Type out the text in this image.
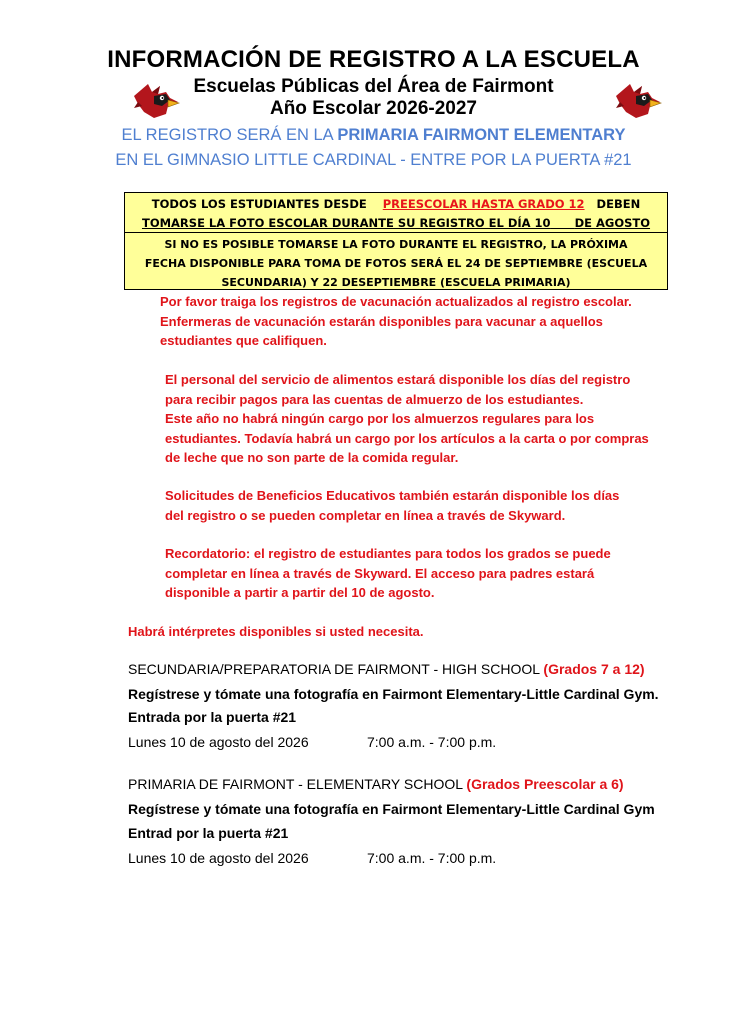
INFORMACIÓN DE REGISTRO A LA ESCUELA
Escuelas Públicas del Área de Fairmont
Año Escolar 2026-2027
EL REGISTRO SERÁ EN LA PRIMARIA FAIRMONT ELEMENTARY
EN EL GIMNASIO LITTLE CARDINAL - ENTRE POR LA PUERTA #21
TODOS LOS ESTUDIANTES DESDE PREESCOLAR HASTA GRADO 12 DEBEN
TOMARSE LA FOTO ESCOLAR DURANTE SU REGISTRO EL DÍA 10 DE AGOSTO
SI NO ES POSIBLE TOMARSE LA FOTO DURANTE EL REGISTRO, LA PRÓXIMA
FECHA DISPONIBLE PARA TOMA DE FOTOS SERÁ EL 24 DE SEPTIEMBRE (ESCUELA
SECUNDARIA) Y 22 DESEPTIEMBRE (ESCUELA PRIMARIA)
Por favor traiga los registros de vacunación actualizados al registro escolar.
Enfermeras de vacunación estarán disponibles para vacunar a aquellos
estudiantes que califiquen.
El personal del servicio de alimentos estará disponible los días del registro
para recibir pagos para las cuentas de almuerzo de los estudiantes.
Este año no habrá ningún cargo por los almuerzos regulares para los
estudiantes. Todavía habrá un cargo por los artículos a la carta o por compras
de leche que no son parte de la comida regular.
Solicitudes de Beneficios Educativos también estarán disponible los días
del registro o se pueden completar en línea a través de Skyward.
Recordatorio: el registro de estudiantes para todos los grados se puede
completar en línea a través de Skyward. El acceso para padres estará
disponible a partir a partir del 10 de agosto.
Habrá intérpretes disponibles si usted necesita.
SECUNDARIA/PREPARATORIA DE FAIRMONT - HIGH SCHOOL (Grados 7 a 12)
Regístrese y tómate una fotografía en Fairmont Elementary-Little Cardinal Gym.
Entrada por la puerta #21
Lunes 10 de agosto del 2026	7:00 a.m. - 7:00 p.m.
PRIMARIA DE FAIRMONT - ELEMENTARY SCHOOL (Grados Preescolar a 6)
Regístrese y tómate una fotografía en Fairmont Elementary-Little Cardinal Gym
Entrad por la puerta #21
Lunes 10 de agosto del 2026	7:00 a.m. - 7:00 p.m.
